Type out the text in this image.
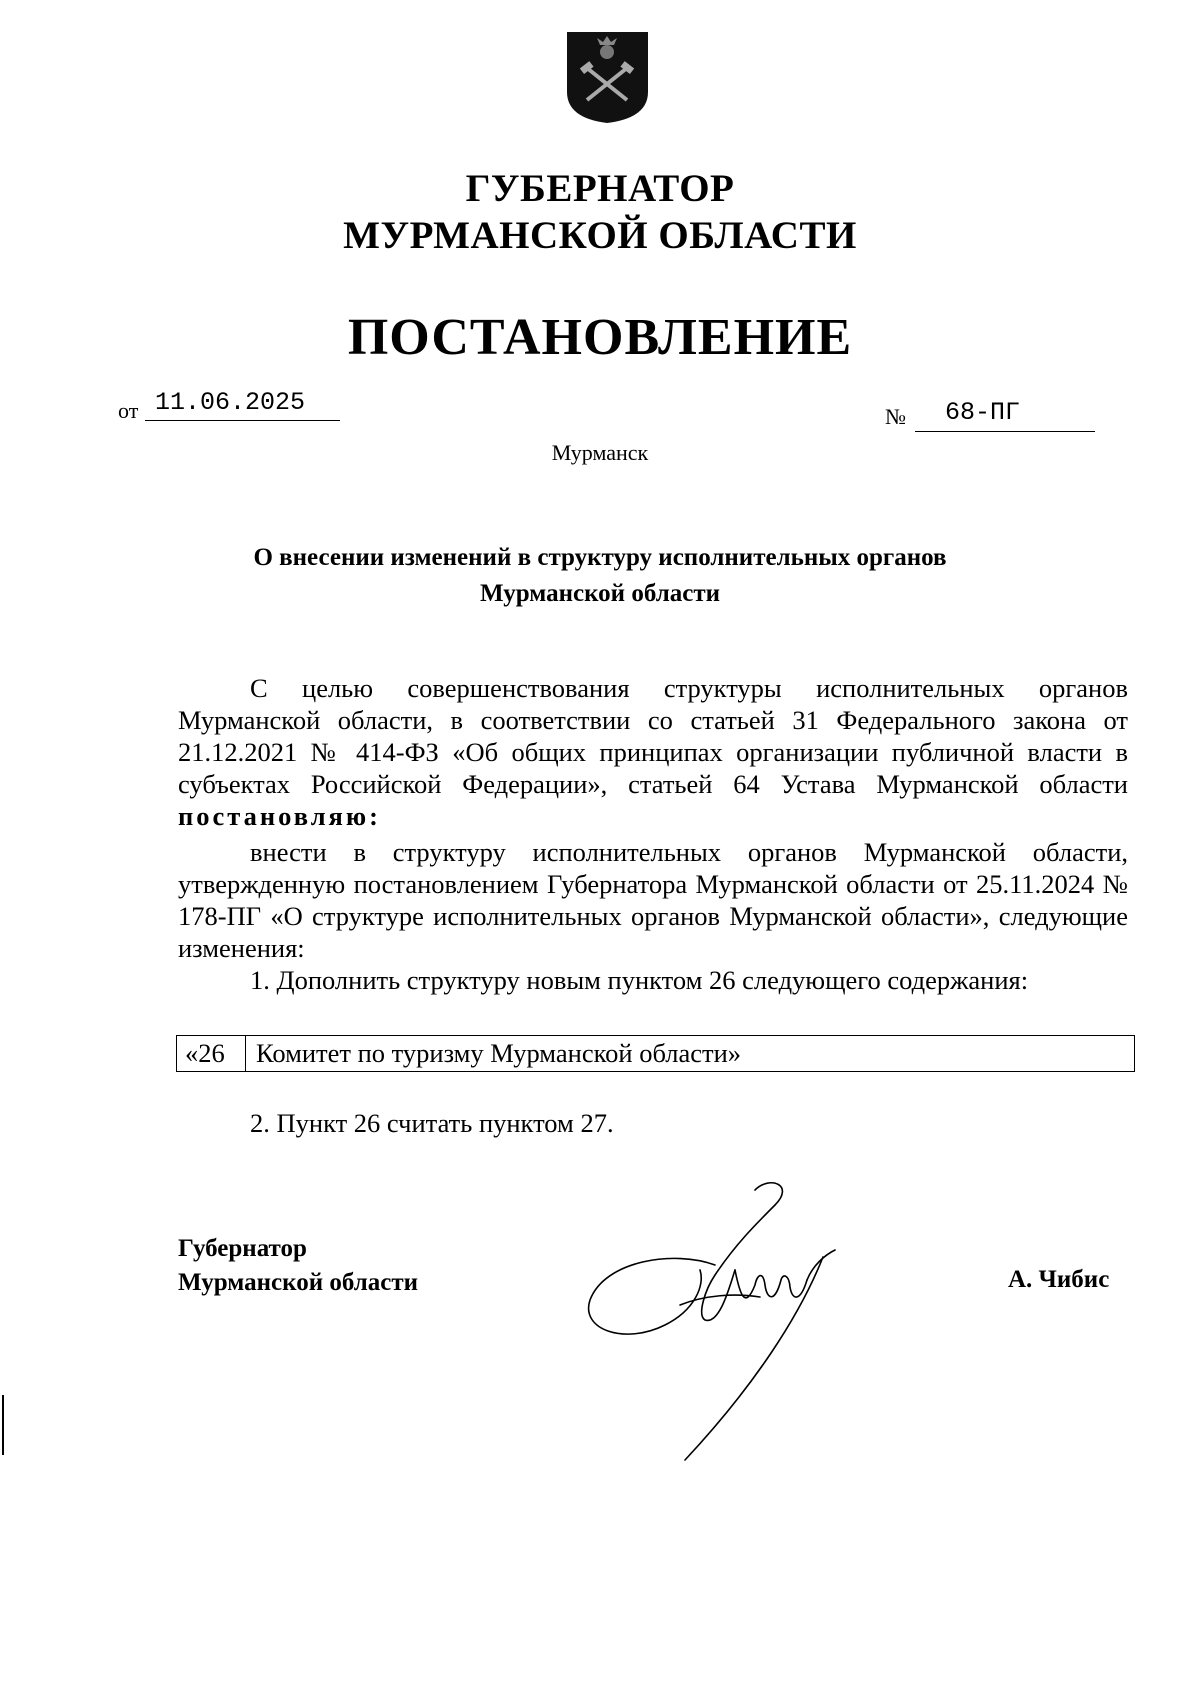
ГУБЕРНАТОР
МУРМАНСКОЙ ОБЛАСТИ
ПОСТАНОВЛЕНИЕ
от 11.06.2025	№ 68-ПГ
Мурманск
О внесении изменений в структуру исполнительных органов
Мурманской области

С целью совершенствования структуры исполнительных органов Мурманской области, в соответствии со статьей 31 Федерального закона от 21.12.2021 № 414-ФЗ «Об общих принципах организации публичной власти в субъектах Российской Федерации», статьей 64 Устава Мурманской области постановляю:

внести в структуру исполнительных органов Мурманской области, утвержденную постановлением Губернатора Мурманской области от 25.11.2024 № 178-ПГ «О структуре исполнительных органов Мурманской области», следующие изменения:

1. Дополнить структуру новым пунктом 26 следующего содержания:

«26	Комитет по туризму Мурманской области»
2. Пункт 26 считать пунктом 27.
Губернатор
Мурманской области	А. Чибис
